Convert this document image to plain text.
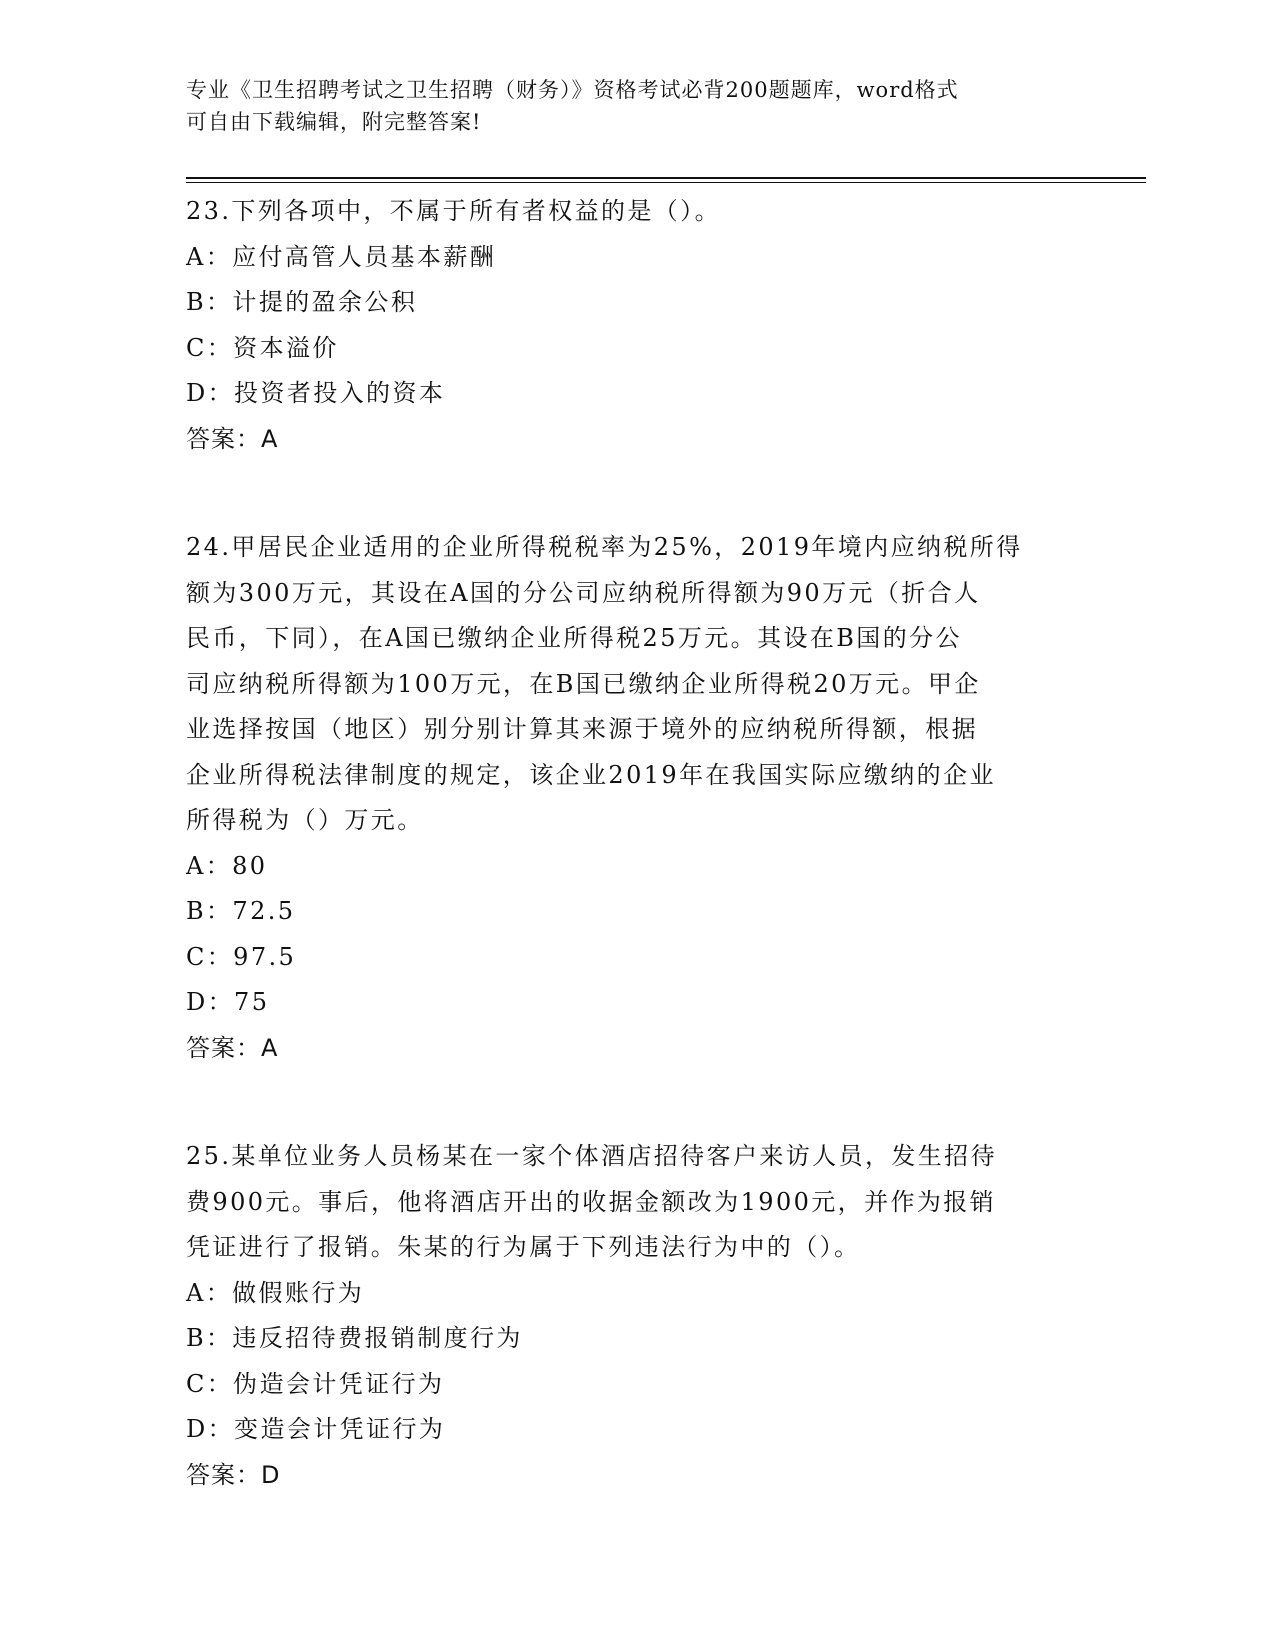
专业《卫生招聘考试之卫生招聘（财务）》资格考试必背200题题库，word格式
可自由下载编辑，附完整答案!
23.下列各项中，不属于所有者权益的是（）。
A：应付高管人员基本薪酬
B：计提的盈余公积
C：资本溢价
D：投资者投入的资本
答案：A
24.甲居民企业适用的企业所得税税率为25%，2019年境内应纳税所得
额为300万元，其设在A国的分公司应纳税所得额为90万元（折合人
民币，下同），在A国已缴纳企业所得税25万元。其设在B国的分公
司应纳税所得额为100万元，在B国已缴纳企业所得税20万元。甲企
业选择按国（地区）别分别计算其来源于境外的应纳税所得额，根据
企业所得税法律制度的规定，该企业2019年在我国实际应缴纳的企业
所得税为（）万元。
A：80
B：72.5
C：97.5
D：75
答案：A
25.某单位业务人员杨某在一家个体酒店招待客户来访人员，发生招待
费900元。事后，他将酒店开出的收据金额改为1900元，并作为报销
凭证进行了报销。朱某的行为属于下列违法行为中的（）。
A：做假账行为
B：违反招待费报销制度行为
C：伪造会计凭证行为
D：变造会计凭证行为
答案：D
